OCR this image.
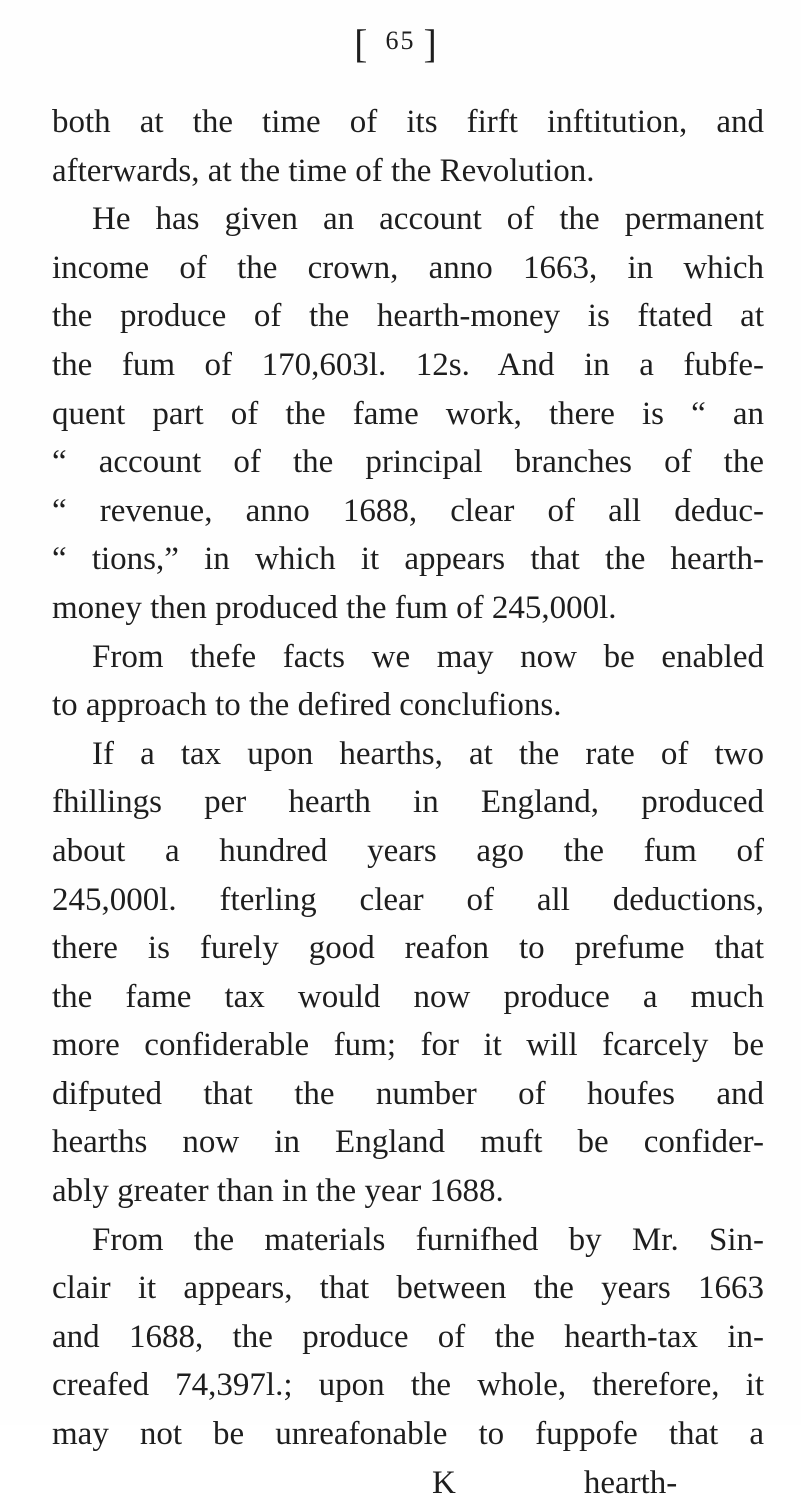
[ $^{65}$ ]
both at the time of its firft inftitution, and
afterwards, at the time of the Revolution.
He has given an account of the permanent
income of the crown, anno 1663, in which
the produce of the hearth-money is ftated at
the fum of 170,603l. 12s. And in a fubfe-
quent part of the fame work, there is “ an
“ account of the principal branches of the
“ revenue, anno 1688, clear of all deduc-
“ tions,” in which it appears that the hearth-
money then produced the fum of 245,000l.
From thefe facts we may now be enabled
to approach to the defired conclufions.
If a tax upon hearths, at the rate of two
fhillings per hearth in England, produced
about a hundred years ago the fum of
245,000l. fterling clear of all deductions,
there is furely good reafon to prefume that
the fame tax would now produce a much
more confiderable fum; for it will fcarcely be
difputed that the number of houfes and
hearths now in England muft be confider-
ably greater than in the year 1688.
From the materials furnifhed by Mr. Sin-
clair it appears, that between the years 1663
and 1688, the produce of the hearth-tax in-
creafed 74,397l.; upon the whole, therefore, it
may not be unreafonable to fuppofe that a
K	hearth-
